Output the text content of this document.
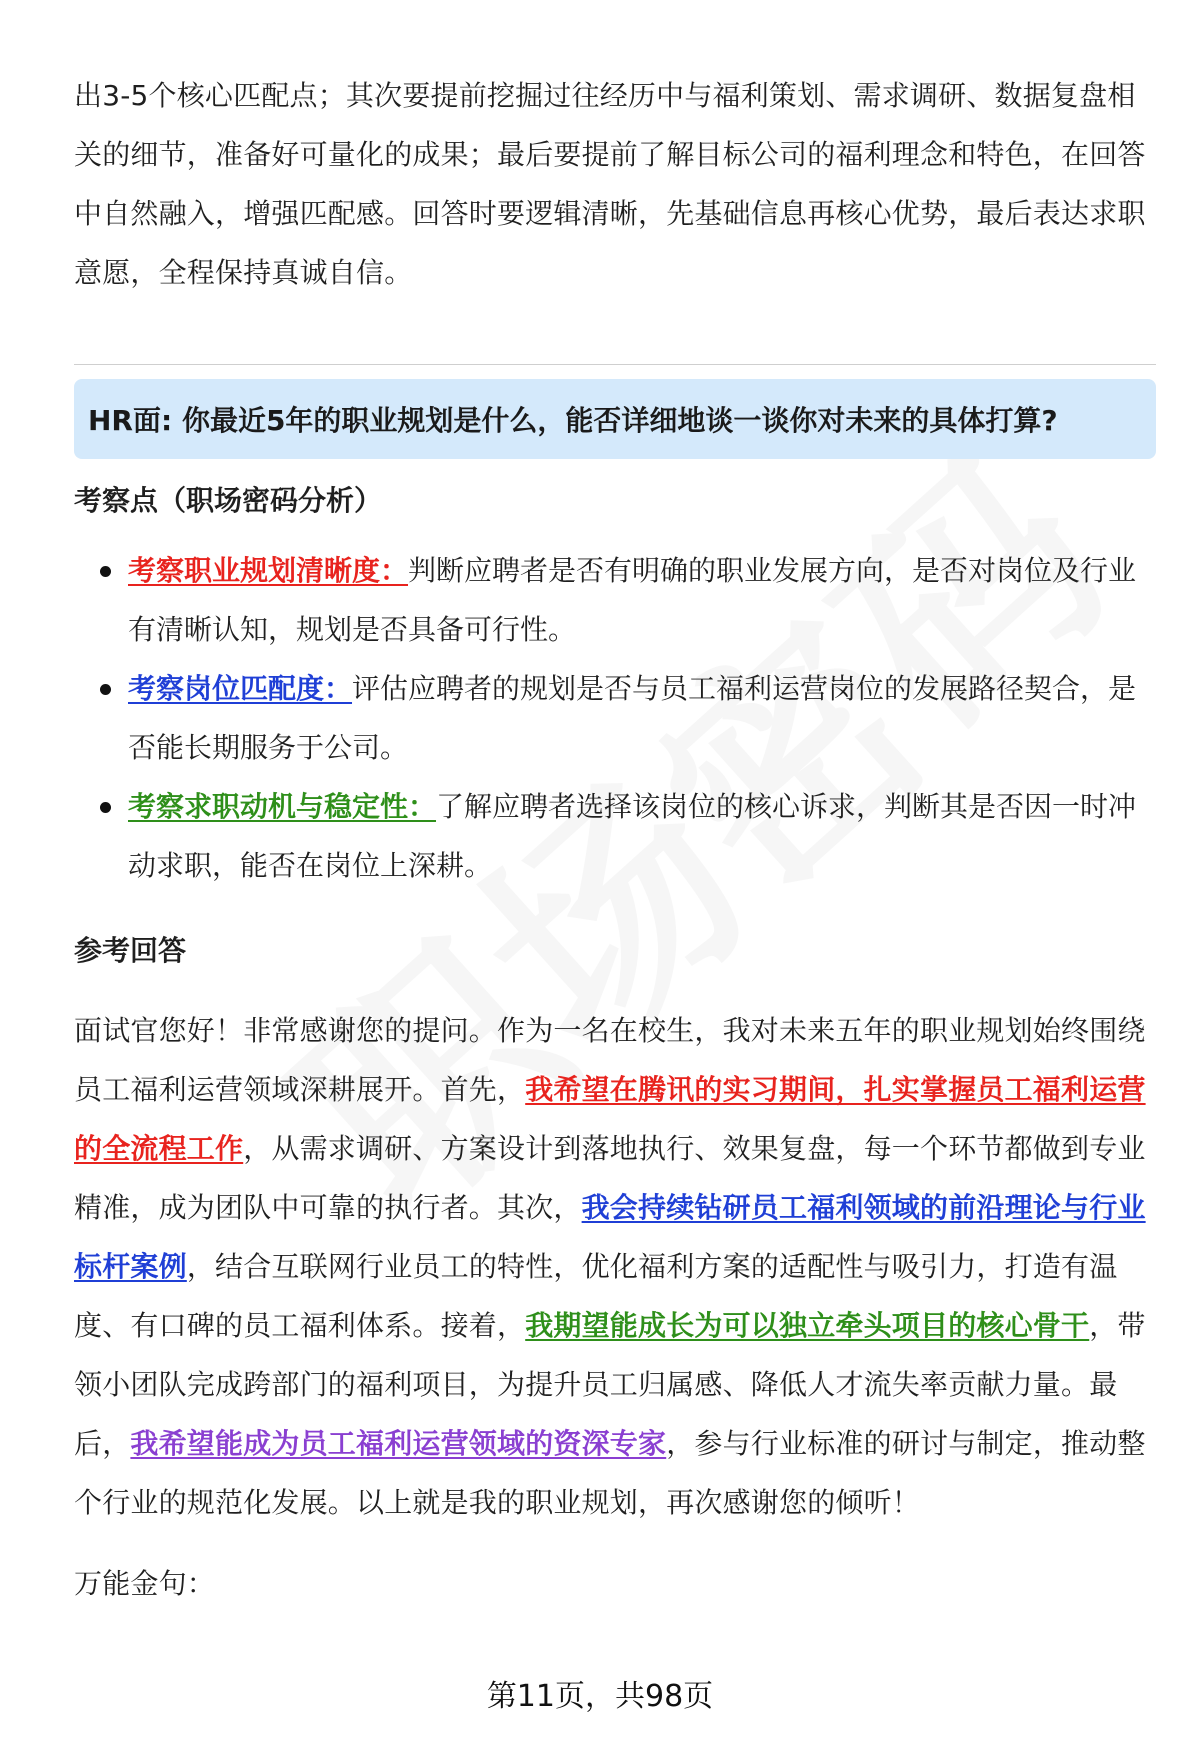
出3-5个核心匹配点；其次要提前挖掘过往经历中与福利策划、需求调研、数据复盘相关的细节，准备好可量化的成果；最后要提前了解目标公司的福利理念和特色，在回答中自然融入，增强匹配感。回答时要逻辑清晰，先基础信息再核心优势，最后表达求职意愿，全程保持真诚自信。

HR面: 你最近5年的职业规划是什么，能否详细地谈一谈你对未来的具体打算?
考察点（职场密码分析）
考察职业规划清晰度：判断应聘者是否有明确的职业发展方向，是否对岗位及行业有清晰认知，规划是否具备可行性。
考察岗位匹配度：评估应聘者的规划是否与员工福利运营岗位的发展路径契合，是否能长期服务于公司。
考察求职动机与稳定性：了解应聘者选择该岗位的核心诉求，判断其是否因一时冲动求职，能否在岗位上深耕。
参考回答

面试官您好！非常感谢您的提问。作为一名在校生，我对未来五年的职业规划始终围绕员工福利运营领域深耕展开。首先，我希望在腾讯的实习期间，扎实掌握员工福利运营的全流程工作，从需求调研、方案设计到落地执行、效果复盘，每一个环节都做到专业精准，成为团队中可靠的执行者。其次，我会持续钻研员工福利领域的前沿理论与行业标杆案例，结合互联网行业员工的特性，优化福利方案的适配性与吸引力，打造有温度、有口碑的员工福利体系。接着，我期望能成长为可以独立牵头项目的核心骨干，带领小团队完成跨部门的福利项目，为提升员工归属感、降低人才流失率贡献力量。最后，我希望能成为员工福利运营领域的资深专家，参与行业标准的研讨与制定，推动整个行业的规范化发展。以上就是我的职业规划，再次感谢您的倾听！

万能金句：

第11页，共98页
